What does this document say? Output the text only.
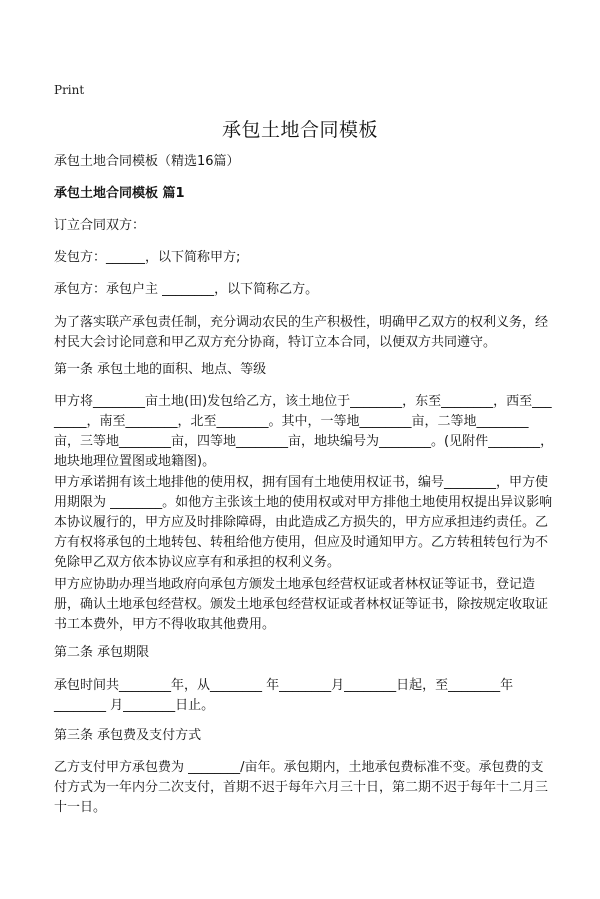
Print
承包土地合同模板
承包土地合同模板（精选16篇）
承包土地合同模板 篇1
订立合同双方：
发包方：______，以下简称甲方;
承包方：承包户主 ________，以下简称乙方。
为了落实联产承包责任制，充分调动农民的生产积极性，明确甲乙双方的权利义务，经村民大会讨论同意和甲乙双方充分协商，特订立本合同，以便双方共同遵守。
第一条 承包土地的面积、地点、等级
甲方将________亩土地(田)发包给乙方，该土地位于________，东至________，西至________，南至________，北至________。其中，一等地________亩，二等地________亩，三等地________亩，四等地________亩，地块编号为________。(见附件________，地块地理位置图或地籍图)。
甲方承诺拥有该土地排他的使用权，拥有国有土地使用权证书，编号________，甲方使用期限为 ________。如他方主张该土地的使用权或对甲方排他土地使用权提出异议影响本协议履行的，甲方应及时排除障碍，由此造成乙方损失的，甲方应承担违约责任。乙方有权将承包的土地转包、转租给他方使用，但应及时通知甲方。乙方转租转包行为不免除甲乙双方依本协议应享有和承担的权利义务。
甲方应协助办理当地政府向承包方颁发土地承包经营权证或者林权证等证书，登记造册，确认土地承包经营权。颁发土地承包经营权证或者林权证等证书，除按规定收取证书工本费外，甲方不得收取其他费用。
第二条 承包期限
承包时间共________年，从________ 年________月________日起，至________年
________ 月________日止。
第三条 承包费及支付方式
乙方支付甲方承包费为 ________/亩年。承包期内，土地承包费标准不变。承包费的支付方式为一年内分二次支付，首期不迟于每年六月三十日，第二期不迟于每年十二月三十一日。
